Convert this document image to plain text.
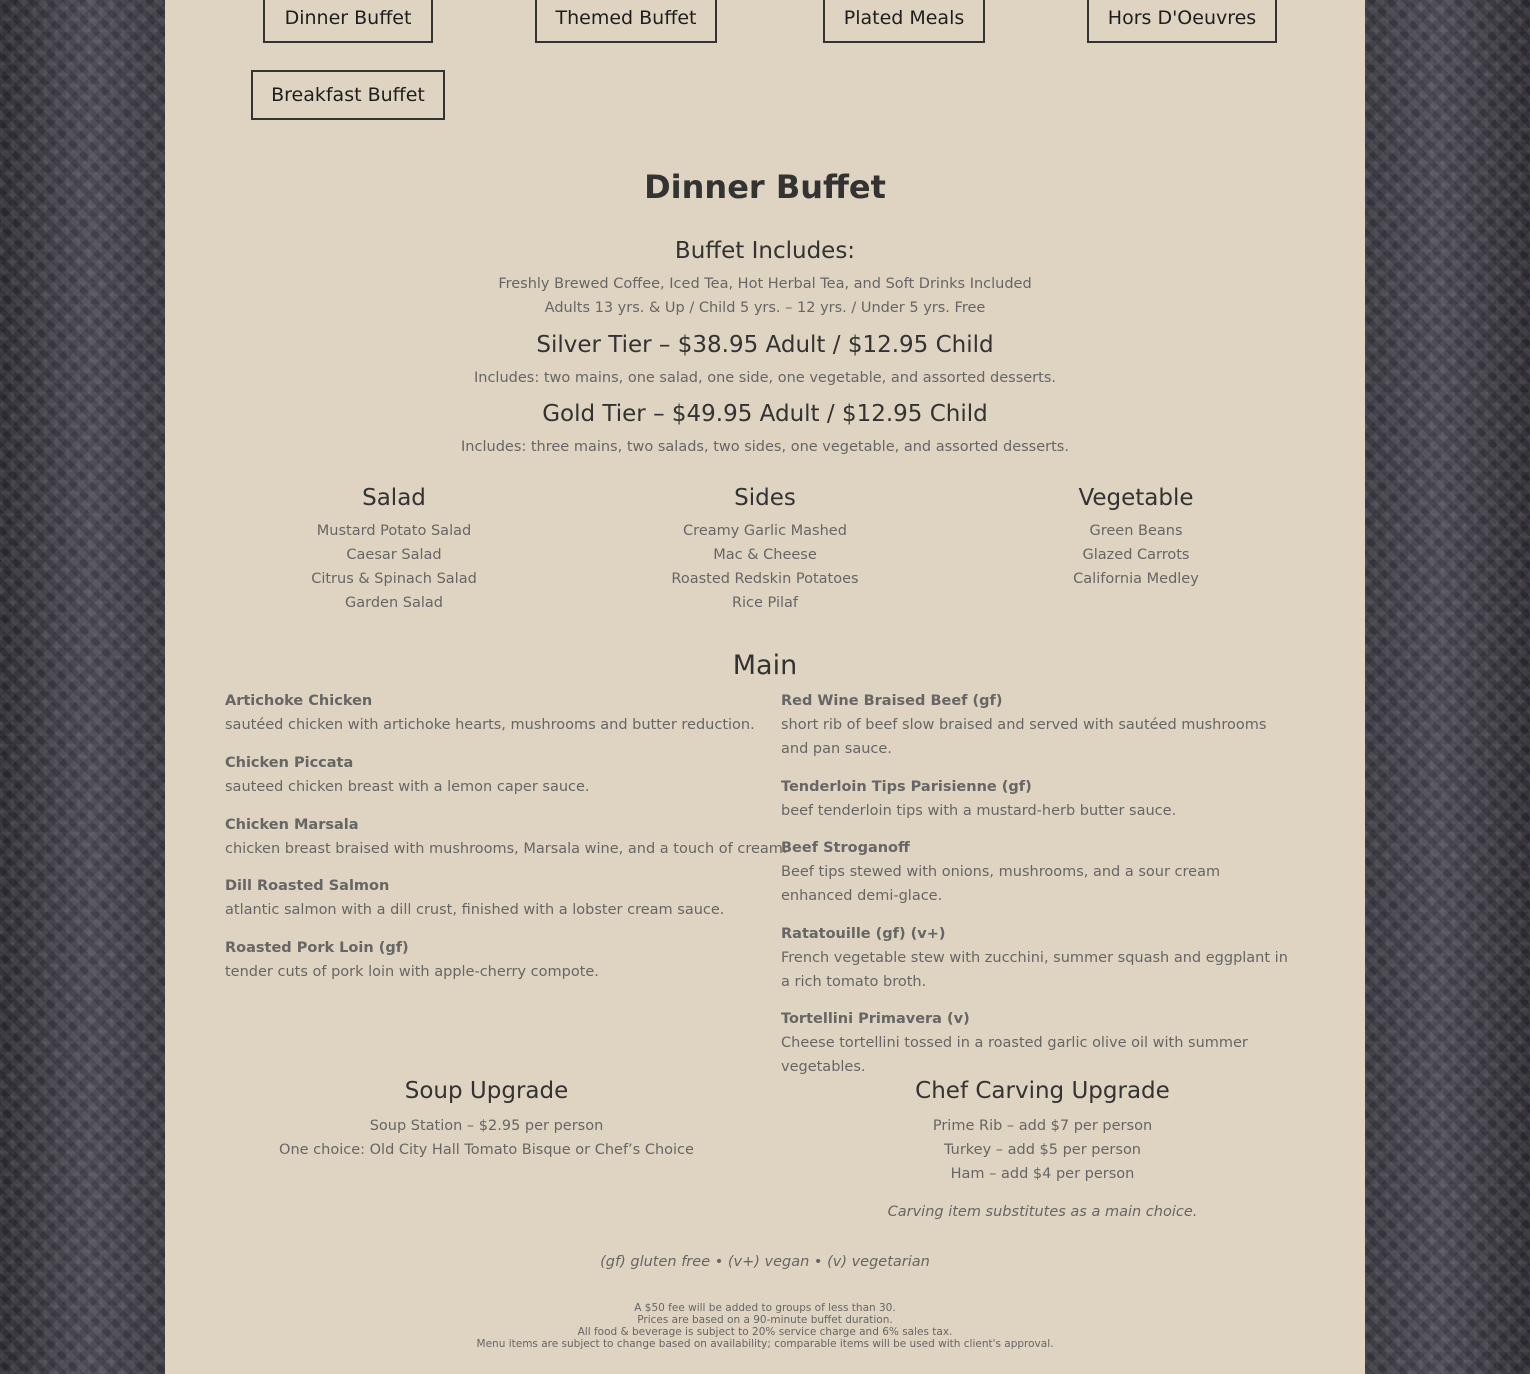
Dinner Buffet	Themed Buffet	Plated Meals	Hors D'Oeuvres
Breakfast Buffet
Dinner Buffet
Buffet Includes:
Freshly Brewed Coffee, Iced Tea, Hot Herbal Tea, and Soft Drinks Included
Adults 13 yrs. & Up / Child 5 yrs. – 12 yrs. / Under 5 yrs. Free
Silver Tier – $38.95 Adult / $12.95 Child
Includes: two mains, one salad, one side, one vegetable, and assorted desserts.
Gold Tier – $49.95 Adult / $12.95 Child
Includes: three mains, two salads, two sides, one vegetable, and assorted desserts.
Salad
Mustard Potato Salad
Caesar Salad
Citrus & Spinach Salad
Garden Salad
Sides
Creamy Garlic Mashed
Mac & Cheese
Roasted Redskin Potatoes
Rice Pilaf
Vegetable
Green Beans
Glazed Carrots
California Medley
Main
Artichoke Chicken
sautéed chicken with artichoke hearts, mushrooms and butter reduction.
Chicken Piccata
sauteed chicken breast with a lemon caper sauce.
Chicken Marsala
chicken breast braised with mushrooms, Marsala wine, and a touch of cream.
Dill Roasted Salmon
atlantic salmon with a dill crust, finished with a lobster cream sauce.
Roasted Pork Loin (gf)
tender cuts of pork loin with apple-cherry compote.
Red Wine Braised Beef (gf)
short rib of beef slow braised and served with sautéed mushrooms and pan sauce.
Tenderloin Tips Parisienne (gf)
beef tenderloin tips with a mustard-herb butter sauce.
Beef Stroganoff
Beef tips stewed with onions, mushrooms, and a sour cream enhanced demi-glace.
Ratatouille (gf) (v+)
French vegetable stew with zucchini, summer squash and eggplant in a rich tomato broth.
Tortellini Primavera (v)
Cheese tortellini tossed in a roasted garlic olive oil with summer vegetables.
Soup Upgrade
Soup Station – $2.95 per person
One choice: Old City Hall Tomato Bisque or Chef’s Choice
Chef Carving Upgrade
Prime Rib – add $7 per person
Turkey – add $5 per person
Ham – add $4 per person
Carving item substitutes as a main choice.
(gf) gluten free • (v+) vegan • (v) vegetarian
A $50 fee will be added to groups of less than 30.
Prices are based on a 90-minute buffet duration.
All food & beverage is subject to 20% service charge and 6% sales tax.
Menu items are subject to change based on availability; comparable items will be used with client's approval.
